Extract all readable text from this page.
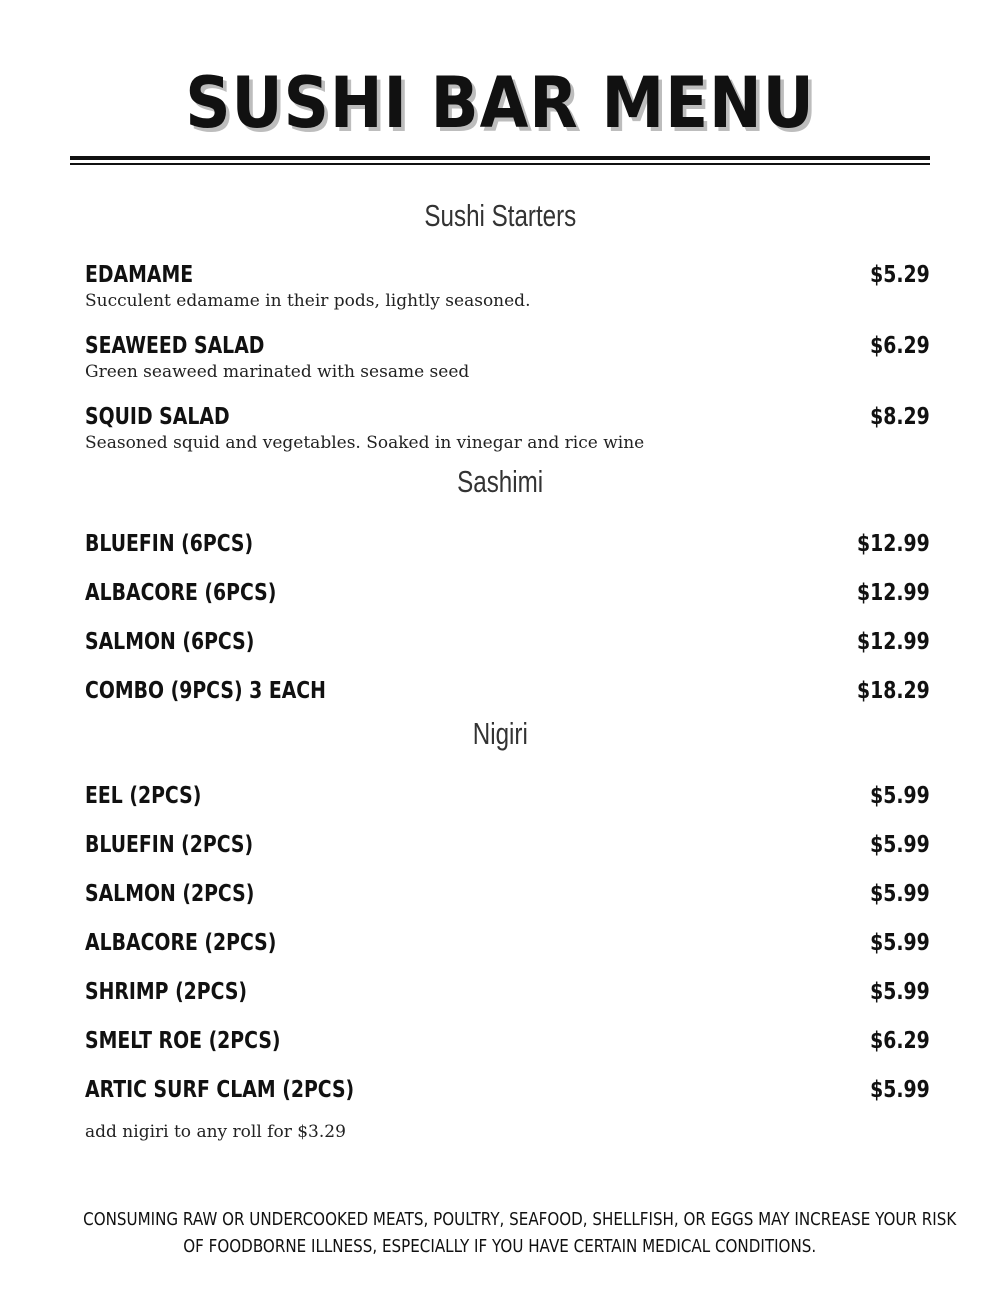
SUSHI BAR MENU
Sushi Starters
EDAMAME	$5.29
Succulent edamame in their pods, lightly seasoned.
SEAWEED SALAD	$6.29
Green seaweed marinated with sesame seed
SQUID SALAD	$8.29
Seasoned squid and vegetables. Soaked in vinegar and rice wine
Sashimi
BLUEFIN (6PCS)	$12.99
ALBACORE (6PCS)	$12.99
SALMON (6PCS)	$12.99
COMBO (9PCS) 3 EACH	$18.29
Nigiri
EEL (2PCS)	$5.99
BLUEFIN (2PCS)	$5.99
SALMON (2PCS)	$5.99
ALBACORE (2PCS)	$5.99
SHRIMP (2PCS)	$5.99
SMELT ROE (2PCS)	$6.29
ARTIC SURF CLAM (2PCS)	$5.99
add nigiri to any roll for $3.29
CONSUMING RAW OR UNDERCOOKED MEATS, POULTRY, SEAFOOD, SHELLFISH, OR EGGS MAY INCREASE YOUR RISK
OF FOODBORNE ILLNESS, ESPECIALLY IF YOU HAVE CERTAIN MEDICAL CONDITIONS.
